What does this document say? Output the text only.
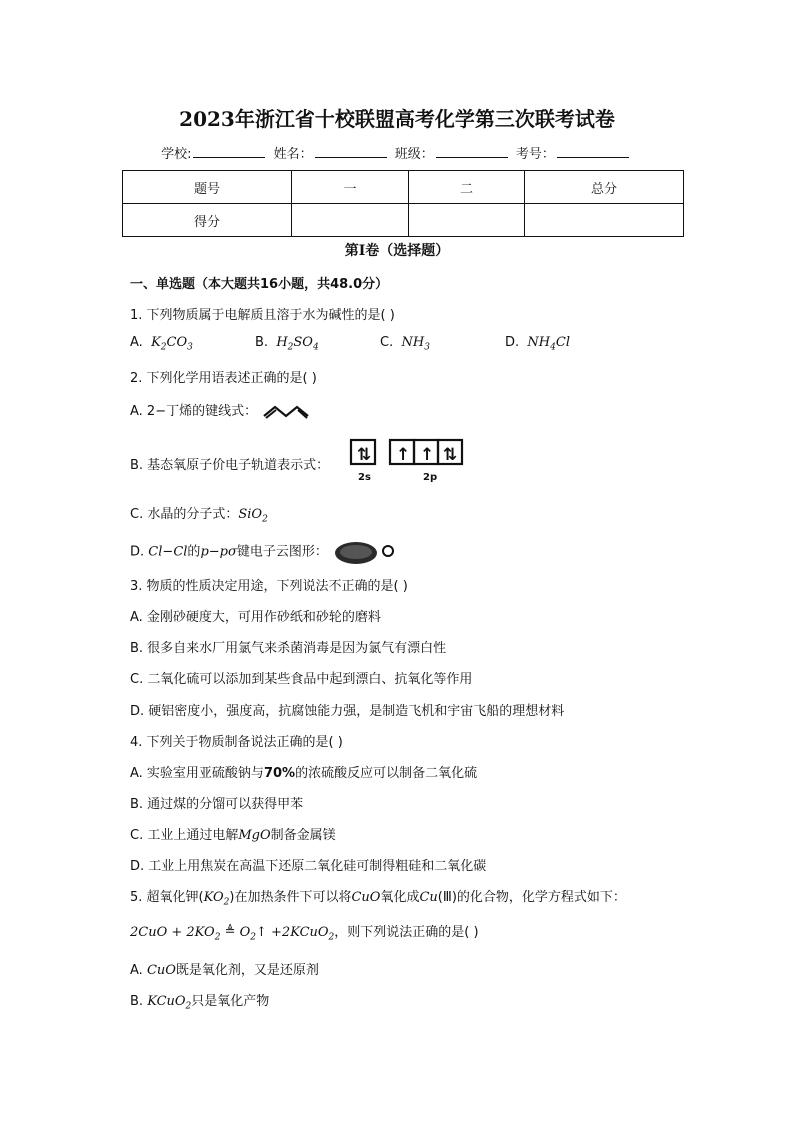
2023年浙江省十校联盟高考化学第三次联考试卷
学校:	姓名：	班级：	考号：
题号	一	二	总分
得分			
第I卷（选择题）
一、单选题（本大题共16小题，共48.0分）
1. 下列物质属于电解质且溶于水为碱性的是( )
A. $K_2CO_3$	B. $H_2SO_4$	C. $NH_3$	D. $NH_4Cl$
2. 下列化学用语表述正确的是( )
A. 2−丁烯的键线式：
B. 基态氧原子价电子轨道表示式：
⇅ ↑ ↑ ⇅
2s	2p
C. 水晶的分子式：SiO$_2$
D. Cl−Cl的p−pσ键电子云图形：
3. 物质的性质决定用途，下列说法不正确的是( )
A. 金刚砂硬度大，可用作砂纸和砂轮的磨料
B. 很多自来水厂用氯气来杀菌消毒是因为氯气有漂白性
C. 二氧化硫可以添加到某些食品中起到漂白、抗氧化等作用
D. 硬铝密度小，强度高，抗腐蚀能力强，是制造飞机和宇宙飞船的理想材料
4. 下列关于物质制备说法正确的是( )
A. 实验室用亚硫酸钠与70%的浓硫酸反应可以制备二氧化硫
B. 通过煤的分馏可以获得甲苯
C. 工业上通过电解MgO制备金属镁
D. 工业上用焦炭在高温下还原二氧化硅可制得粗硅和二氧化碳
5. 超氧化钾$(KO_2)$在加热条件下可以将CuO氧化成Cu(Ⅲ)的化合物，化学方程式如下：
$2CuO + 2KO_2$ ≜ $O_2↑$ +2KCuO$_2$，则下列说法正确的是( )
A. CuO既是氧化剂，又是还原剂
B. KCuO$_2$只是氧化产物
